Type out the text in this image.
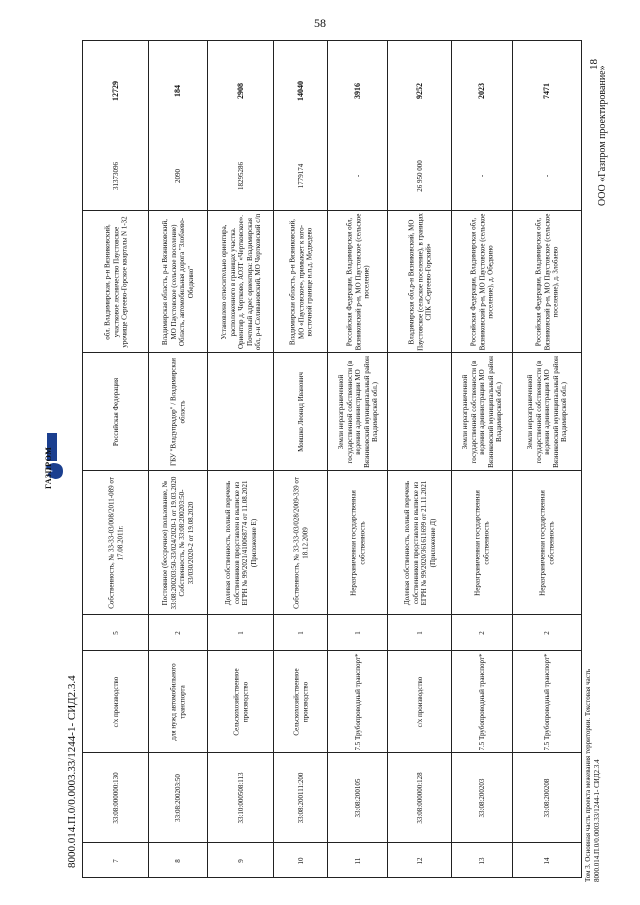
58
8000.014.П.0/0.0003.33/1244-1- СИД2.3.4
ГАЗПРОМ
ООО «Газпром проектирование»
7
33:08:000000:130
с/х производство
5
Собственность, № 33-33-03/008/2011-089 от 17.08.2011г.
Российская Федерация
обл. Владимирская, р-н Вязниковский, участковое лесничество Паустовское урочище Сергеево-Горское кварталы N 1-32
31373096
12729
8
33:08:200203:50
для нужд автомобильного транспорта
2
Постоянное (бессрочное) пользование, № 33:08:200203:50-33/024/2020-1 от 19.03.2020 Собственность, № 33:08:200203:50-33/030/2020-2 от 19.08.2020
ГБУ "Владупрадор" / Владимирская область
Владимирская область, р-н Вязниковский, МО Паустовское (сельское поселение) Область, автомобильная дорога "Злобаево-Обедкино"
2090
184
9
33:10:000508:113
Сельскохозяйственное производство
1
Долевая собственность, полный перечень собственников представлен в выписке из ЕГРН № 99/2021/410068774 от 11.08.2021 (Приложение Е)
Установлено относительно ориентира, расположенного в границах участка. Ориентир д. Чертково, АОЗТ «Чертковское». Почтовый адрес ориентира: Владимирская обл, р-н Селивановский, МО Чертковский с/п
18295286
2908
10
33:08:200111:200
Сельскохозяйственное производство
1
Собственность, № 33-33-03/028/2009-339 от 18.12.2009
Мовшко Леонид Иванович
Владимирская область, р-н Вязниковский, МО «Паустовское», примыкает к юго-восточной границе н.п.д. Медведево
1779174
14040
11
33:08:200105
7.5 Трубопроводный транспорт*
1
Неразграниченная государственная собственность
Земли неразграниченной государственной собственности (в ведении администрации МО Вязниковский муниципальный район Владимирской обл.)
Российская Федерация, Владимирская обл, Вязниковский р-н, МО Паустовское (сельское поселение)
-
3916
12
33:08:000000:128
с/х производство
1
Долевая собственность, полный перечень собственников представлен в выписке из ЕГРН № 99/2020/361611699 от 21.11.2021 (Приложение Д)
Владимирская обл,р-н Вязниковский, МО Паустовское (сельское поселение), в границах СПК «Сергеево-Горский»
26 950 000
9252
13
33:08:200203
7.5 Трубопроводный транспорт*
2
Неразграниченная государственная собственность
Земли неразграниченной государственной собственности (в ведении администрации МО Вязниковский муниципальный район Владимирской обл.)
Российская Федерация, Владимирская обл, Вязниковский р-н, МО Паустовское (сельское поселение), д. Обедкино
-
2023
14
33:08:200208
7.5 Трубопроводный транспорт*
2
Неразграниченная государственная собственность
Земли неразграниченной государственной собственности (в ведении администрации МО Вязниковский муниципальный район Владимирской обл.)
Российская Федерация, Владимирская обл, Вязниковский р-н, МО Паустовское (сельское поселение), д. Злобаево
-
7471
Том 3. Основная часть проекта межевания территории. Текстовая часть 8000.014.П.0/0.0003.33/1244-1- СИД2.3.4
18
